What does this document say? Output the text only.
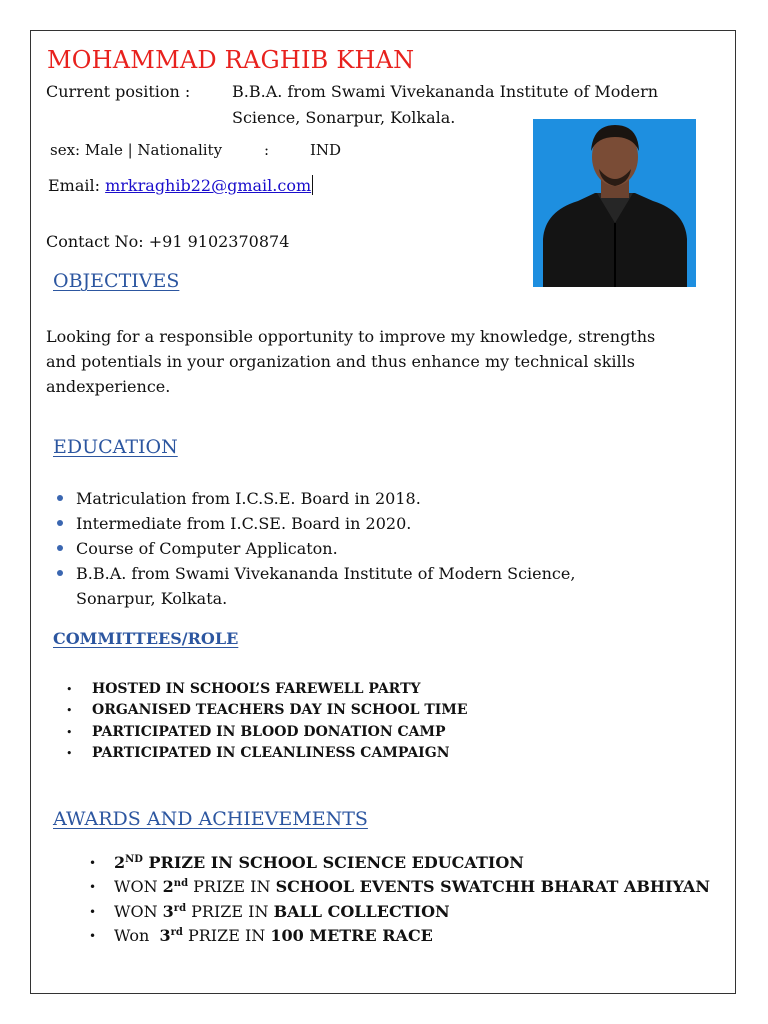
MOHAMMAD RAGHIB KHAN
Current position :	B.B.A. from Swami Vivekananda Institute of Modern
Science, Sonarpur, Kolkala.
sex: Male | Nationality	:	IND
Email: mrkraghib22@gmail.com
Contact No: +91 9102370874
OBJECTIVES
Looking for a responsible opportunity to improve my knowledge, strengths and potentials in your organization and thus enhance my technical skills andexperience.
EDUCATION
Matriculation from I.C.S.E. Board in 2018.
Intermediate from I.C.SE. Board in 2020.
Course of Computer Applicaton.
B.B.A. from Swami Vivekananda Institute of Modern Science, Sonarpur, Kolkata.
COMMITTEES/ROLE
• HOSTED IN SCHOOL’S FAREWELL PARTY
• ORGANISED TEACHERS DAY IN SCHOOL TIME
• PARTICIPATED IN BLOOD DONATION CAMP
• PARTICIPATED IN CLEANLINESS CAMPAIGN
AWARDS AND ACHIEVEMENTS
• 2ND PRIZE IN SCHOOL SCIENCE EDUCATION
• WON 2nd PRIZE IN SCHOOL EVENTS SWATCHH BHARAT ABHIYAN
• WON 3rd PRIZE IN BALL COLLECTION
• Won  3rd PRIZE IN 100 METRE RACE
